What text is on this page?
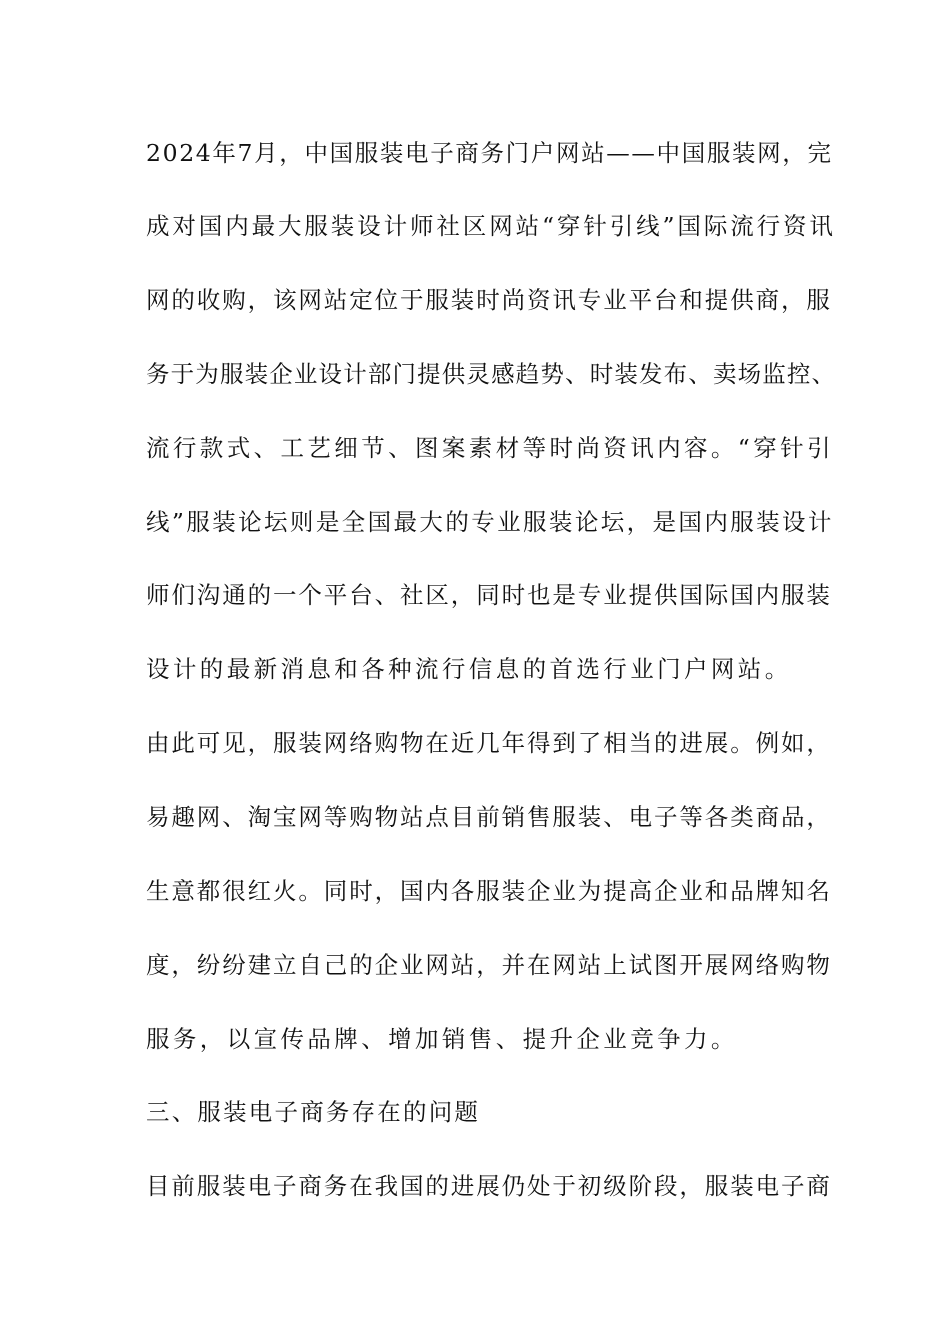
2024年7月，中国服装电子商务门户网站——中国服装网，完
成对国内最大服装设计师社区网站“穿针引线”国际流行资讯
网的收购，该网站定位于服装时尚资讯专业平台和提供商，服
务于为服装企业设计部门提供灵感趋势、时装发布、卖场监控、
流行款式、工艺细节、图案素材等时尚资讯内容。“穿针引
线”服装论坛则是全国最大的专业服装论坛，是国内服装设计
师们沟通的一个平台、社区，同时也是专业提供国际国内服装
设计的最新消息和各种流行信息的首选行业门户网站。
由此可见，服装网络购物在近几年得到了相当的进展。例如，
易趣网、淘宝网等购物站点目前销售服装、电子等各类商品，
生意都很红火。同时，国内各服装企业为提高企业和品牌知名
度，纷纷建立自己的企业网站，并在网站上试图开展网络购物
服务，以宣传品牌、增加销售、提升企业竞争力。
三、服装电子商务存在的问题
目前服装电子商务在我国的进展仍处于初级阶段，服装电子商
